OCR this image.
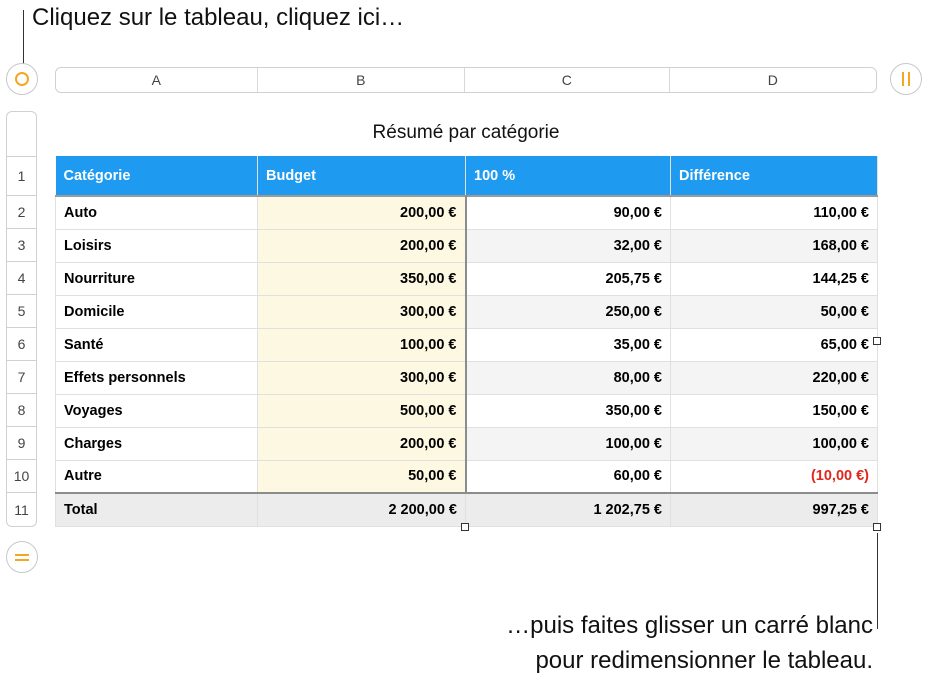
Cliquez sur le tableau, cliquez ici…
A	B	C	D
1
2
3
4
5
6
7
8
9
10
11
Résumé par catégorie
Catégorie	Budget	100 %	Différence
Auto	200,00 €	90,00 €	110,00 €
Loisirs	200,00 €	32,00 €	168,00 €
Nourriture	350,00 €	205,75 €	144,25 €
Domicile	300,00 €	250,00 €	50,00 €
Santé	100,00 €	35,00 €	65,00 €
Effets personnels	300,00 €	80,00 €	220,00 €
Voyages	500,00 €	350,00 €	150,00 €
Charges	200,00 €	100,00 €	100,00 €
Autre	50,00 €	60,00 €	(10,00 €)
Total	2 200,00 €	1 202,75 €	997,25 €
…puis faites glisser un carré blanc
pour redimensionner le tableau.
